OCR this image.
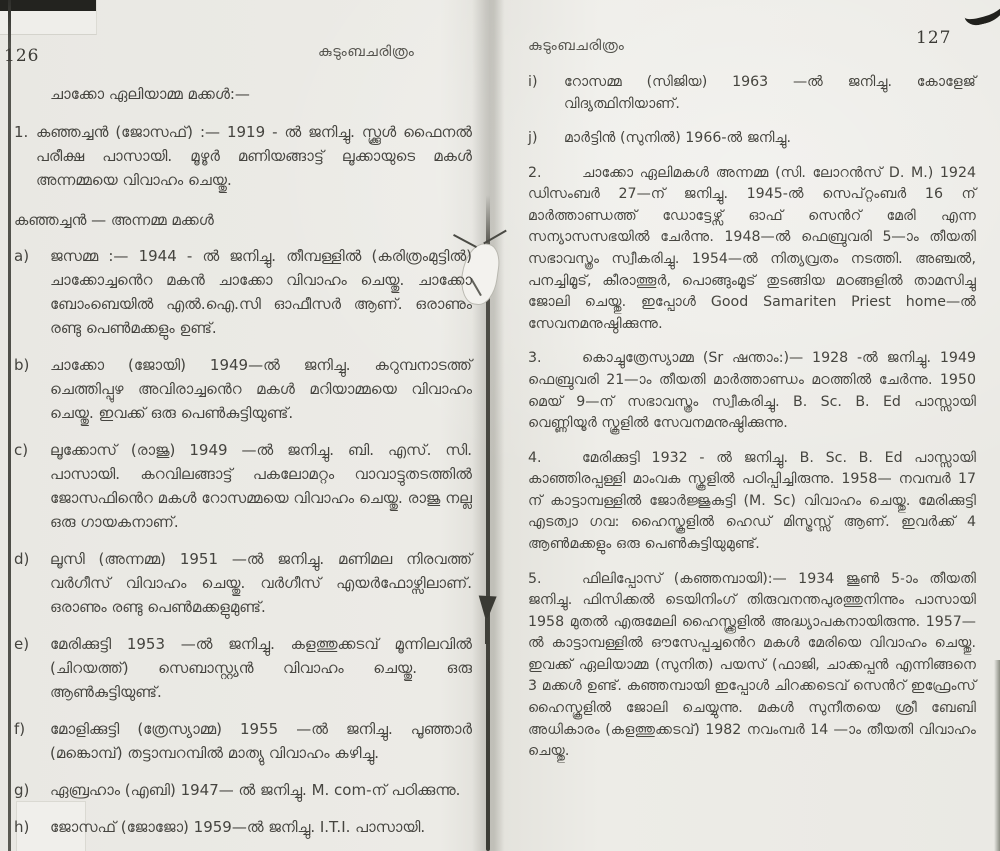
126	കുടുംബചരിത്രം
ചാക്കോ ഏലിയാമ്മ മക്കൾ:—
1. കഞ്ഞച്ചൻ (ജോസഫ്) :— 1919 - ൽ ജനിച്ചു. സ്ക്കൂൾ ഫൈനൽ പരീക്ഷ പാസായി. മൂഴൂർ മണിയങ്ങാട്ട് ലൂക്കായുടെ മകൾ അന്നമ്മയെ വിവാഹം ചെയ്തു.
കഞ്ഞച്ചൻ — അന്നമ്മ മക്കൾ
a)	ജസമ്മ :— 1944 - ൽ ജനിച്ചു. തീമ്പള്ളിൽ (കരിത്രംമുട്ടിൽ) ചാക്കോച്ചൻെറ മകൻ ചാക്കോ വിവാഹം ചെയ്തു. ചാക്കോ ബോംബെയിൽ എൽ.ഐ.സി ഓഫീസർ ആണ്. ഒരാണും രണ്ടു പെൺമക്കളും ഉണ്ട്.
b)	ചാക്കോ (ജോയി) 1949—ൽ ജനിച്ചു. കറുമ്പനാടത്ത് ചെത്തിപ്പുഴ അവിരാച്ചൻെറ മകൾ മറിയാമ്മയെ വിവാഹം ചെയ്തു. ഇവക്ക് ഒരു പെൺകുട്ടിയുണ്ട്.
c)	ലൂക്കോസ് (രാജു) 1949 —ൽ ജനിച്ചു. ബി. എസ്. സി. പാസായി. കറവിലങ്ങാട്ട് പകലോമറ്റം വാവാട്ടുതടത്തിൽ ജോസഫിൻെറ മകൾ റോസമ്മയെ വിവാഹം ചെയ്തു. രാജു നല്ല ഒരു ഗായകനാണ്.
d)	ലൂസി (അന്നമ്മ) 1951 —ൽ ജനിച്ചു. മണിമല നിരവത്ത് വർഗീസ് വിവാഹം ചെയ്തു. വർഗീസ് എയർഫോഴ്സിലാണ്. ഒരാണും രണ്ടു പെൺമക്കളുമുണ്ട്.
e)	മേരിക്കുട്ടി 1953 —ൽ ജനിച്ചു. കളത്തുക്കടവ് മൂന്നിലവിൽ (ചിറയത്ത്) സെബാസ്റ്റ്യൻ വിവാഹം ചെയ്തു. ഒരു ആൺകുട്ടിയുണ്ട്.
f)	മോളിക്കുട്ടി (ത്രേസ്യാമ്മ) 1955 —ൽ ജനിച്ചു. പൂഞ്ഞാർ (മങ്കൊമ്പ്) തട്ടാമ്പറമ്പിൽ മാത്യു വിവാഹം കഴിച്ചു.
g)	ഏബ്രഹാം (എബി) 1947— ൽ ജനിച്ചു. M. com-ന് പഠിക്കുന്നു.
h)	ജോസഫ് (ജോജോ) 1959—ൽ ജനിച്ചു. I.T.I. പാസായി.
കുടുംബചരിത്രം	127
i)	റോസമ്മ (സിജിയ) 1963 —ൽ ജനിച്ചു. കോളേജ് വിദ്യത്ഥിനിയാണ്.
j)	മാർട്ടിൻ (സുനിൽ) 1966-ൽ ജനിച്ചു.
2.	ചാക്കോ ഏലിമകൾ അന്നമ്മ (സി. ലോറൻസ് D. M.) 1924 ഡിസംബർ 27—ന് ജനിച്ചു. 1945-ൽ സെപ്റ്റംബർ 16 ന് മാർത്താണ്ഡത്ത് ഡോട്ടേഴ്സ് ഓഫ് സെൻറ് മേരി എന്ന സന്യാസസഭയിൽ ചേർന്നു. 1948—ൽ ഫെബ്രുവരി 5—ാം തീയതി സഭാവസ്ത്രം സ്വീകരിച്ചു. 1954—ൽ നിത്യവ്രതം നടത്തി. അഞ്ചൽ, പനച്ചിമൂട്, കീരാത്തൂർ, പൊങ്ങുംമൂട് തുടങ്ങിയ മഠങ്ങളിൽ താമസിച്ചു ജോലി ചെയ്തു. ഇപ്പോൾ Good Samariten Priest home—ൽ സേവനമനുഷ്ഠിക്കുന്നു.
3.	കൊച്ചുത്രേസ്യാമ്മ (Sr ഷന്താം:)— 1928 -ൽ ജനിച്ചു. 1949 ഫെബ്രുവരി 21—ാം തീയതി മാർത്താണ്ഡം മഠത്തിൽ ചേർന്നു. 1950 മെയ് 9—ന് സഭാവസ്ത്രം സ്വീകരിച്ചു. B. Sc. B. Ed പാസ്സായി വെണ്ണിയൂർ സ്കൂളിൽ സേവനമനുഷ്ഠിക്കുന്നു.
4.	മേരിക്കുട്ടി 1932 - ൽ ജനിച്ചു. B. Sc. B. Ed പാസ്സായി കാഞ്ഞിരപ്പള്ളി മാംവക സ്കൂളിൽ പഠിപ്പിച്ചിരുന്നു. 1958— നവമ്പർ 17 ന് കാട്ടാമ്പള്ളിൽ ജോർജ്ജുകുട്ടി (M. Sc) വിവാഹം ചെയ്തു. മേരിക്കുട്ടി എടത്വാ ഗവ: ഹൈസ്കൂളിൽ ഹെഡ് മിസ്ട്രസ്സ് ആണ്. ഇവർക്ക് 4 ആൺമക്കളും ഒരു പെൺകുട്ടിയുമുണ്ട്.
5.	ഫിലിപ്പോസ് (കഞ്ഞമ്പായി):— 1934 ജൂൺ 5-ാം തീയതി ജനിച്ചു. ഫിസിക്കൽ ടെയിനിംഗ് തിരുവനന്തപുരത്തുനിന്നും പാസായി 1958 മുതൽ എരുമേലി ഹൈസ്ക്കൂളിൽ അദ്ധ്യാപകനായിരുന്നു. 1957—ൽ കാട്ടാമ്പള്ളിൽ ഔസേപ്പച്ചൻെറ മകൾ മേരിയെ വിവാഹം ചെയ്തു. ഇവക്ക് ഏലിയാമ്മ (സുനിത) പയസ് (ഫാജി, ചാക്കപ്പൻ എന്നിങ്ങനെ 3 മക്കൾ ഉണ്ട്. കഞ്ഞമ്പായി ഇപ്പോൾ ചിറക്കടെവ് സെൻറ് ഇഫ്രേംസ് ഹൈസ്കൂളിൽ ജോലി ചെയ്യുന്നു. മകൾ സുനീതയെ ശ്രീ ബേബി അധികാരം (കളത്തുക്കടവ്) 1982 നവംമ്പർ 14 —ാം തീയതി വിവാഹം ചെയ്തു.
